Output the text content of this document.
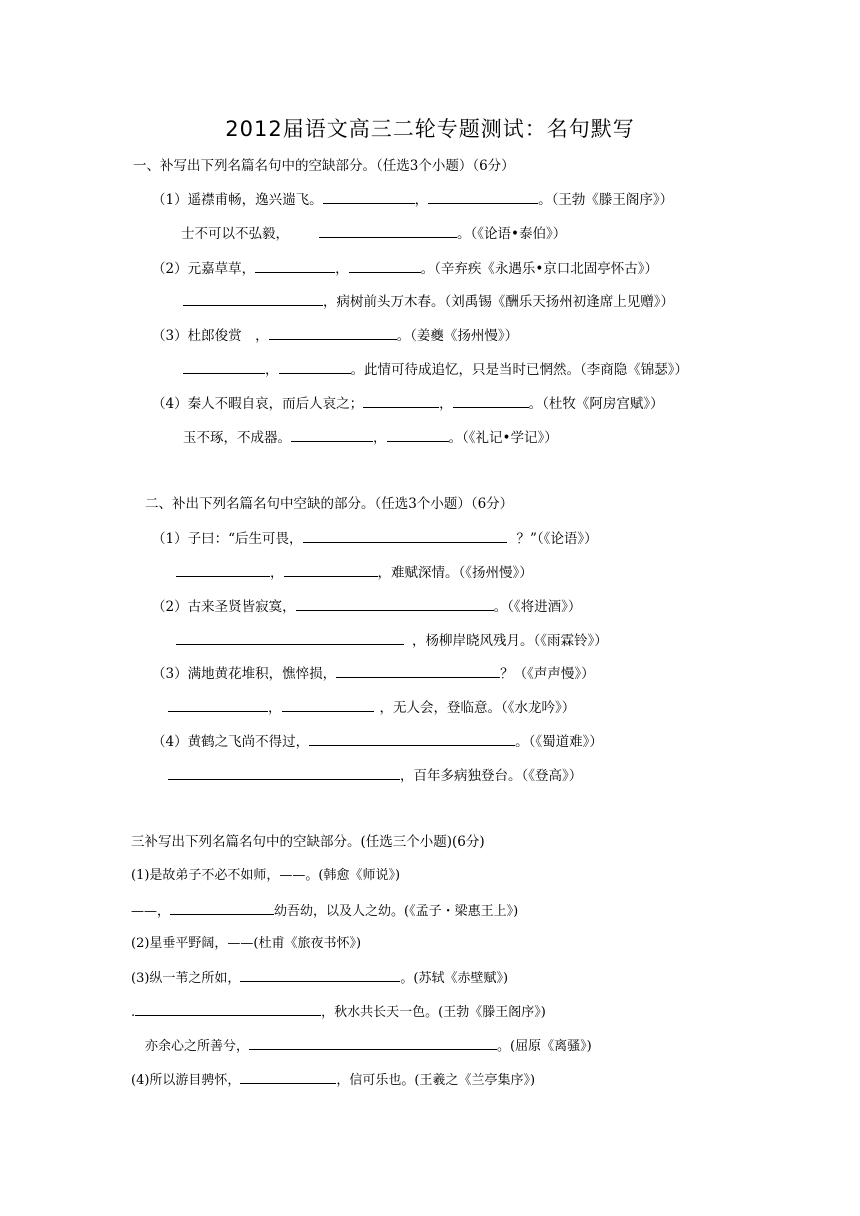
2012届语文高三二轮专题测试：名句默写
一、补写出下列名篇名句中的空缺部分。（任选3个小题）（6分）
（1）遥襟甫畅，逸兴遄飞。	，	。（王勃《滕王阁序》）
士不可以不弘毅，	。（《论语•泰伯》）
（2）元嘉草草，	，	。（辛弃疾《永遇乐•京口北固亭怀古》）
，病树前头万木春。（刘禹锡《酬乐天扬州初逢席上见赠》）
（3）杜郎俊赏　，	。（姜夔《扬州慢》）
，	。此情可待成追忆，只是当时已惘然。（李商隐《锦瑟》）
（4）秦人不暇自哀，而后人哀之；	，	。（杜牧《阿房宫赋》）
玉不琢，不成器。	，	。（《礼记•学记》）
二、补出下列名篇名句中空缺的部分。（任选3个小题）（6分）
（1）子曰：“后生可畏，	？”（《论语》）
，	，难赋深情。（《扬州慢》）
（2）古来圣贤皆寂寞，	。（《将进酒》）
，杨柳岸晓风残月。（《雨霖铃》）
（3）满地黄花堆积，憔悴损，	？（《声声慢》）
，	，无人会，登临意。（《水龙吟》）
（4）黄鹤之飞尚不得过，	。（《蜀道难》）
，百年多病独登台。（《登高》）
三补写出下列名篇名句中的空缺部分。(任选三个小题)(6分)
(1)是故弟子不必不如师，——。(韩愈《师说》)
——，	幼吾幼，以及人之幼。(《孟子・梁惠王上》)
(2)星垂平野阔，——(杜甫《旅夜书怀》)
(3)纵一苇之所如，	。(苏轼《赤壁赋》)
.	，秋水共长天一色。(王勃《滕王阁序》)
亦余心之所善兮，	。(屈原《离骚》)
(4)所以游目骋怀，	，信可乐也。(王羲之《兰亭集序》)
